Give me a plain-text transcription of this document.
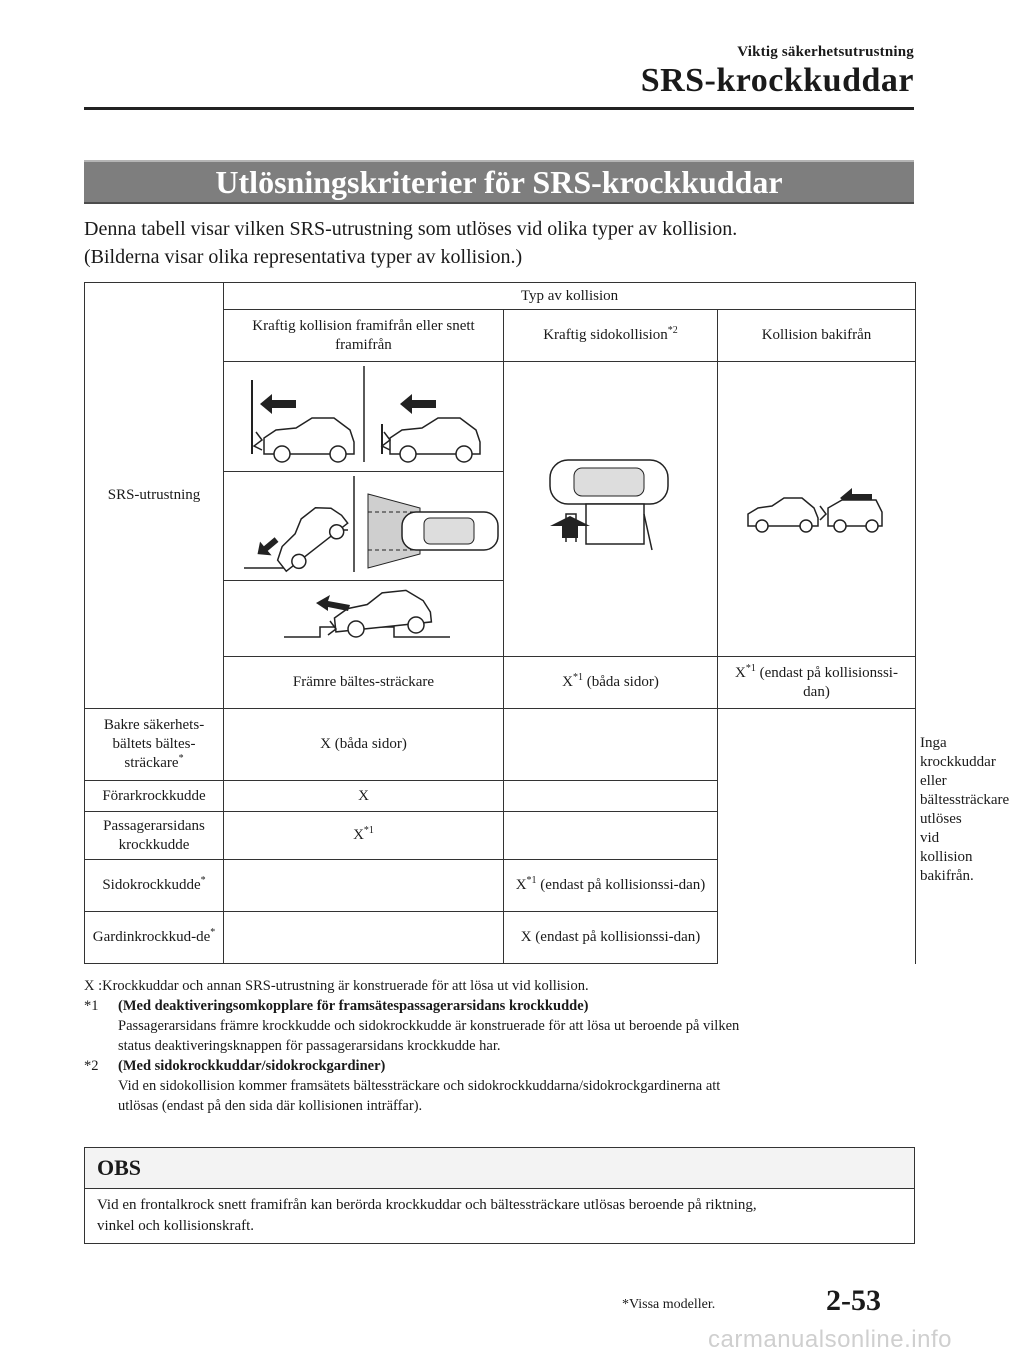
Viktig säkerhetsutrustning
SRS-krockkuddar
Utlösningskriterier för SRS-krockkuddar
Denna tabell visar vilken SRS-utrustning som utlöses vid olika typer av kollision.
(Bilderna visar olika representativa typer av kollision.)
SRS-utrustning	Typ av kollision			
	Kraftig kollision framifrån eller snett framifrån	Kraftig sidokollision$^{*2}$	Kollision bakifrån	

	Främre bältes-sträckare	$X^{*1}$ (båda sidor)	$X^{*1}$ (endast på kollisionssi-dan)	Inga krockkuddar eller bältessträckare utlöses vid kollision bakifrån.
Bakre säkerhets-bältets bältes-sträckare*	X (båda sidor)			
Förarkrockkudde	X			
Passagerarsidans krockkudde	$X^{*1}$	
Sidokrockkudde*		$X^{*1}$ (endast på kollisionssi-dan)		
Gardinkrockkud-de*		X (endast på kollisionssi-dan)		
X :Krockkuddar och annan SRS-utrustning är konstruerade för att lösa ut vid kollision.
*1 (Med deaktiveringsomkopplare för framsätespassagerarsidans krockkudde)
Passagerarsidans främre krockkudde och sidokrockkudde är konstruerade för att lösa ut beroende på vilken
status deaktiveringsknappen för passagerarsidans krockkudde har.
*2 (Med sidokrockkuddar/sidokrockgardiner)
Vid en sidokollision kommer framsätets bältessträckare och sidokrockkuddarna/sidokrockgardinerna att
utlösas (endast på den sida där kollisionen inträffar).
OBS
Vid en frontalkrock snett framifrån kan berörda krockkuddar och bältessträckare utlösas beroende på riktning,
vinkel och kollisionskraft.
*Vissa modeller.	2-53
carmanualsonline.info
